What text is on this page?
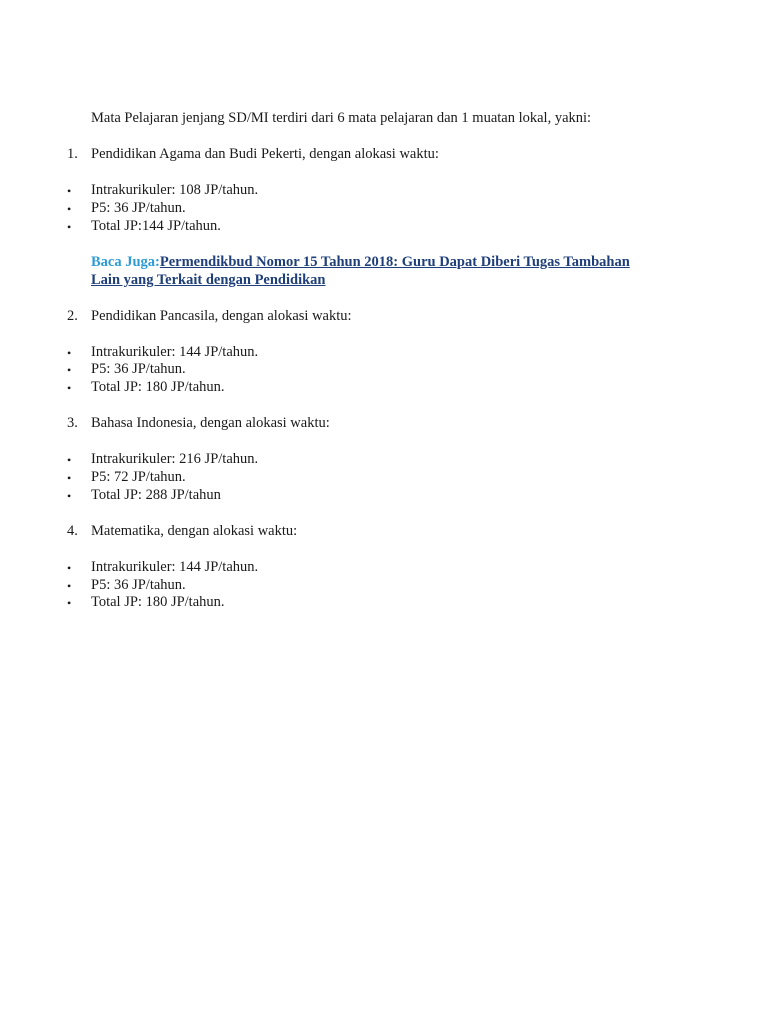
Mata Pelajaran jenjang SD/MI terdiri dari 6 mata pelajaran dan 1 muatan lokal, yakni:
1. Pendidikan Agama dan Budi Pekerti, dengan alokasi waktu:
•
Intrakurikuler: 108 JP/tahun.
•
P5: 36 JP/tahun.
•
Total JP:144 JP/tahun.
Baca Juga:Permendikbud Nomor 15 Tahun 2018: Guru Dapat Diberi Tugas Tambahan
Lain yang Terkait dengan Pendidikan
2. Pendidikan Pancasila, dengan alokasi waktu:
•
Intrakurikuler: 144 JP/tahun.
•
P5: 36 JP/tahun.
•
Total JP: 180 JP/tahun.
3. Bahasa Indonesia, dengan alokasi waktu:
•
Intrakurikuler: 216 JP/tahun.
•
P5: 72 JP/tahun.
•
Total JP: 288 JP/tahun
4. Matematika, dengan alokasi waktu:
•
Intrakurikuler: 144 JP/tahun.
•
P5: 36 JP/tahun.
•
Total JP: 180 JP/tahun.
